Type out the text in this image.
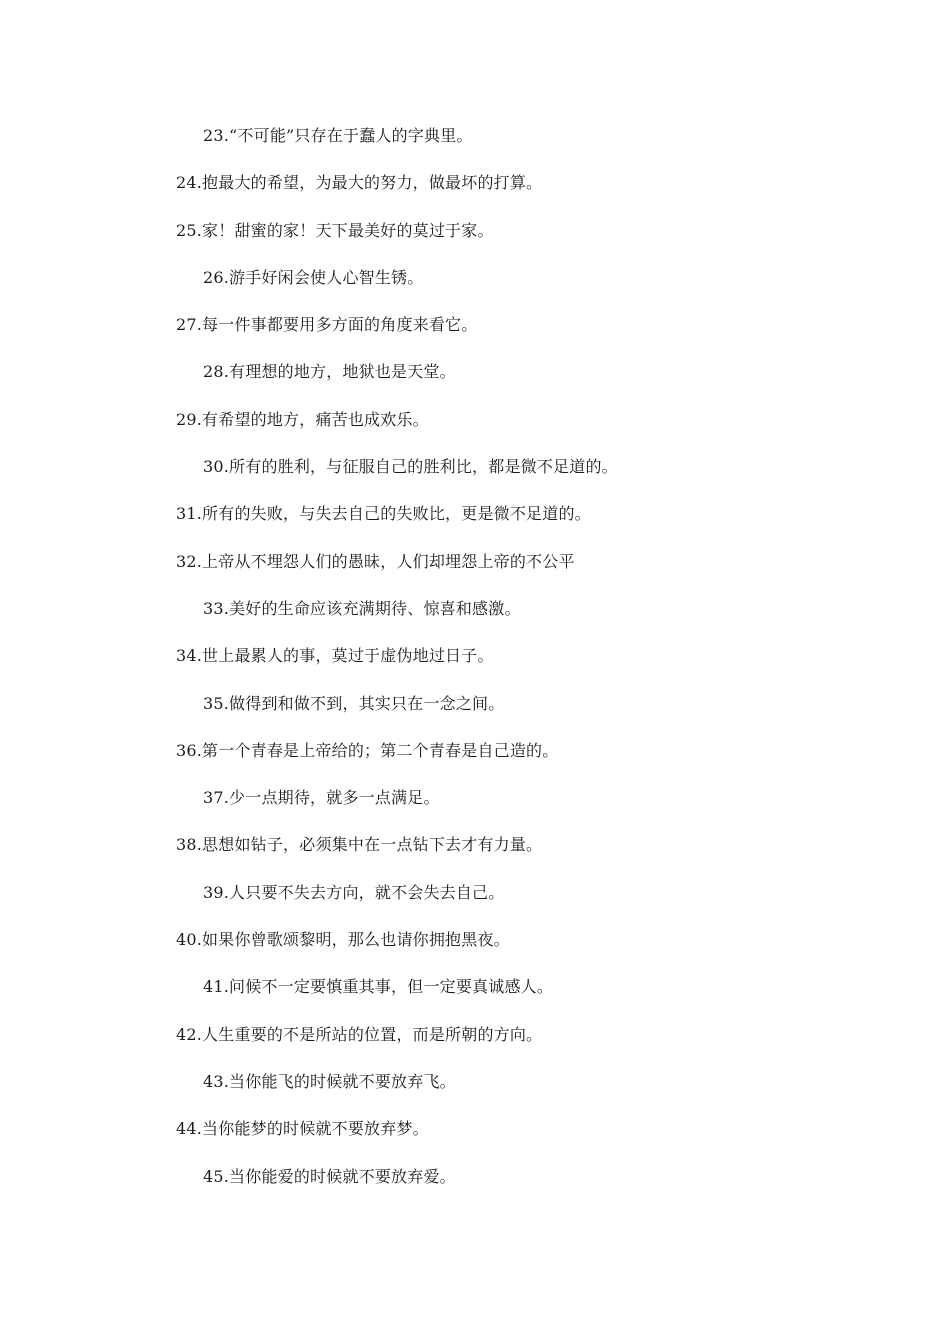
23.“不可能”只存在于蠢人的字典里。
24.抱最大的希望，为最大的努力，做最坏的打算。
25.家！甜蜜的家！天下最美好的莫过于家。
26.游手好闲会使人心智生锈。
27.每一件事都要用多方面的角度来看它。
28.有理想的地方，地狱也是天堂。
29.有希望的地方，痛苦也成欢乐。
30.所有的胜利，与征服自己的胜利比，都是微不足道的。
31.所有的失败，与失去自己的失败比，更是微不足道的。
32.上帝从不埋怨人们的愚昧，人们却埋怨上帝的不公平
33.美好的生命应该充满期待、惊喜和感激。
34.世上最累人的事，莫过于虚伪地过日子。
35.做得到和做不到，其实只在一念之间。
36.第一个青春是上帝给的；第二个青春是自己造的。
37.少一点期待，就多一点满足。
38.思想如钻子，必须集中在一点钻下去才有力量。
39.人只要不失去方向，就不会失去自己。
40.如果你曾歌颂黎明，那么也请你拥抱黑夜。
41.问候不一定要慎重其事，但一定要真诚感人。
42.人生重要的不是所站的位置，而是所朝的方向。
43.当你能飞的时候就不要放弃飞。
44.当你能梦的时候就不要放弃梦。
45.当你能爱的时候就不要放弃爱。
